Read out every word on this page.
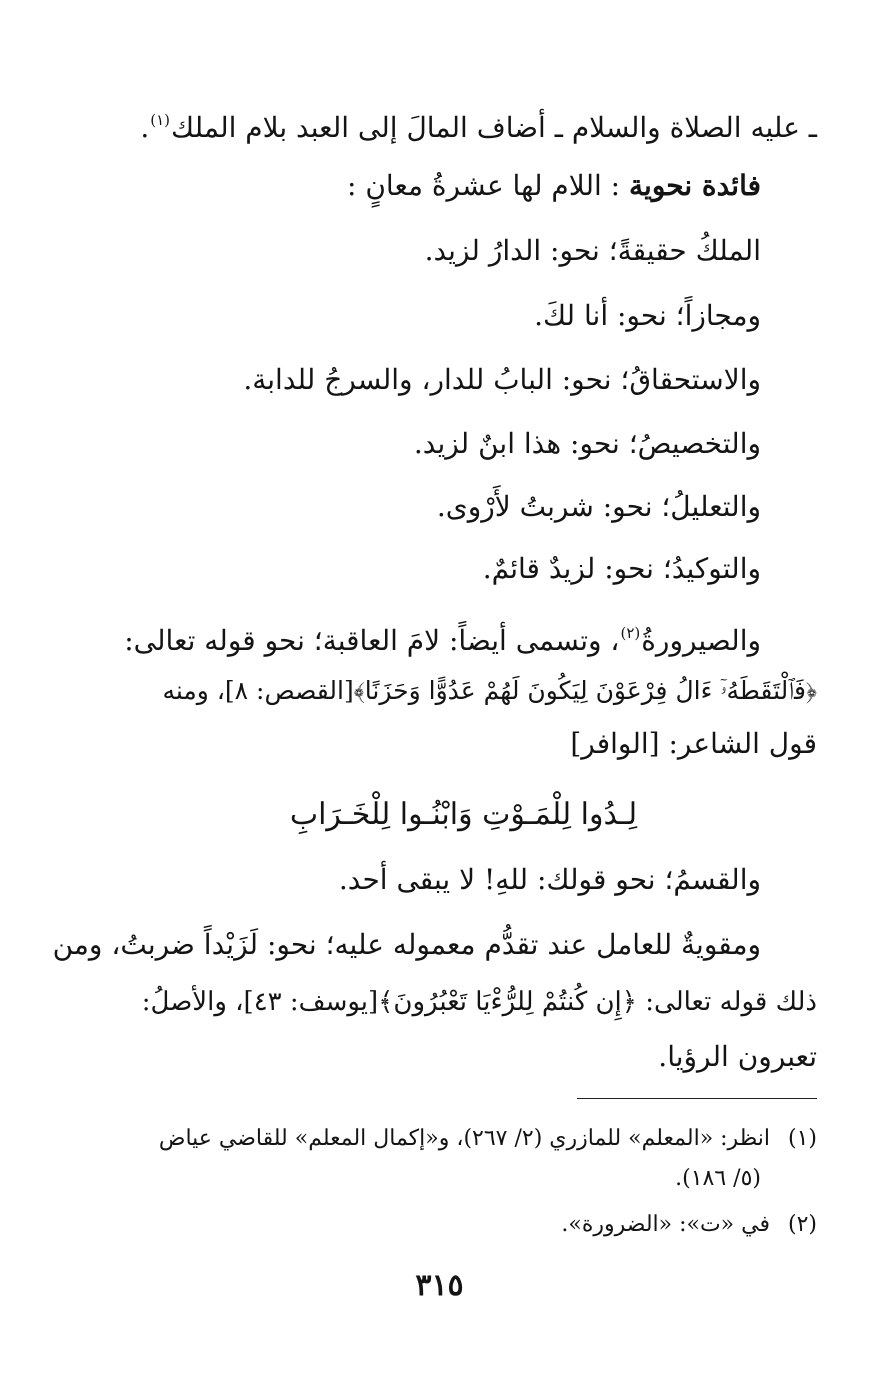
ـ عليه الصلاة والسلام ـ أضاف المالَ إلى العبد بلام الملك$^{(١)}$.
فائدة نحوية : اللام لها عشرةُ معانٍ :
الملكُ حقيقةً؛ نحو: الدارُ لزيد.
ومجازاً؛ نحو: أنا لكَ.
والاستحقاقُ؛ نحو: البابُ للدار، والسرجُ للدابة.
والتخصيصُ؛ نحو: هذا ابنٌ لزيد.
والتعليلُ؛ نحو: شربتُ لأَرْوى.
والتوكيدُ؛ نحو: لزيدٌ قائمٌ.
والصيرورةُ$^{(٢)}$، وتسمى أيضاً: لامَ العاقبة؛ نحو قوله تعالى:
﴿فَٱلْتَقَطَهُۥٓ ءَالُ فِرْعَوْنَ لِيَكُونَ لَهُمْ عَدُوًّا وَحَزَنًا﴾[القصص: ٨]، ومنه
قول الشاعر: [الوافر]
لِـدُوا لِلْمَـوْتِ وَابْنُـوا لِلْخَـرَابِ
والقسمُ؛ نحو قولك: للهِ! لا يبقى أحد.
ومقويةٌ للعامل عند تقدُّم معموله عليه؛ نحو: لَزَيْداً ضربتُ، ومن
ذلك قوله تعالى: ﴿إِن كُنتُمْ لِلرُّءْيَا تَعْبُرُونَ﴾[يوسف: ٤٣]، والأصلُ:
تعبرون الرؤيا.
(١)انظر: «المعلم» للمازري (٢/ ٢٦٧)، و«إكمال المعلم» للقاضي عياض
(٥/ ١٨٦).
(٢)في «ت»: «الضرورة».
٣١٥
